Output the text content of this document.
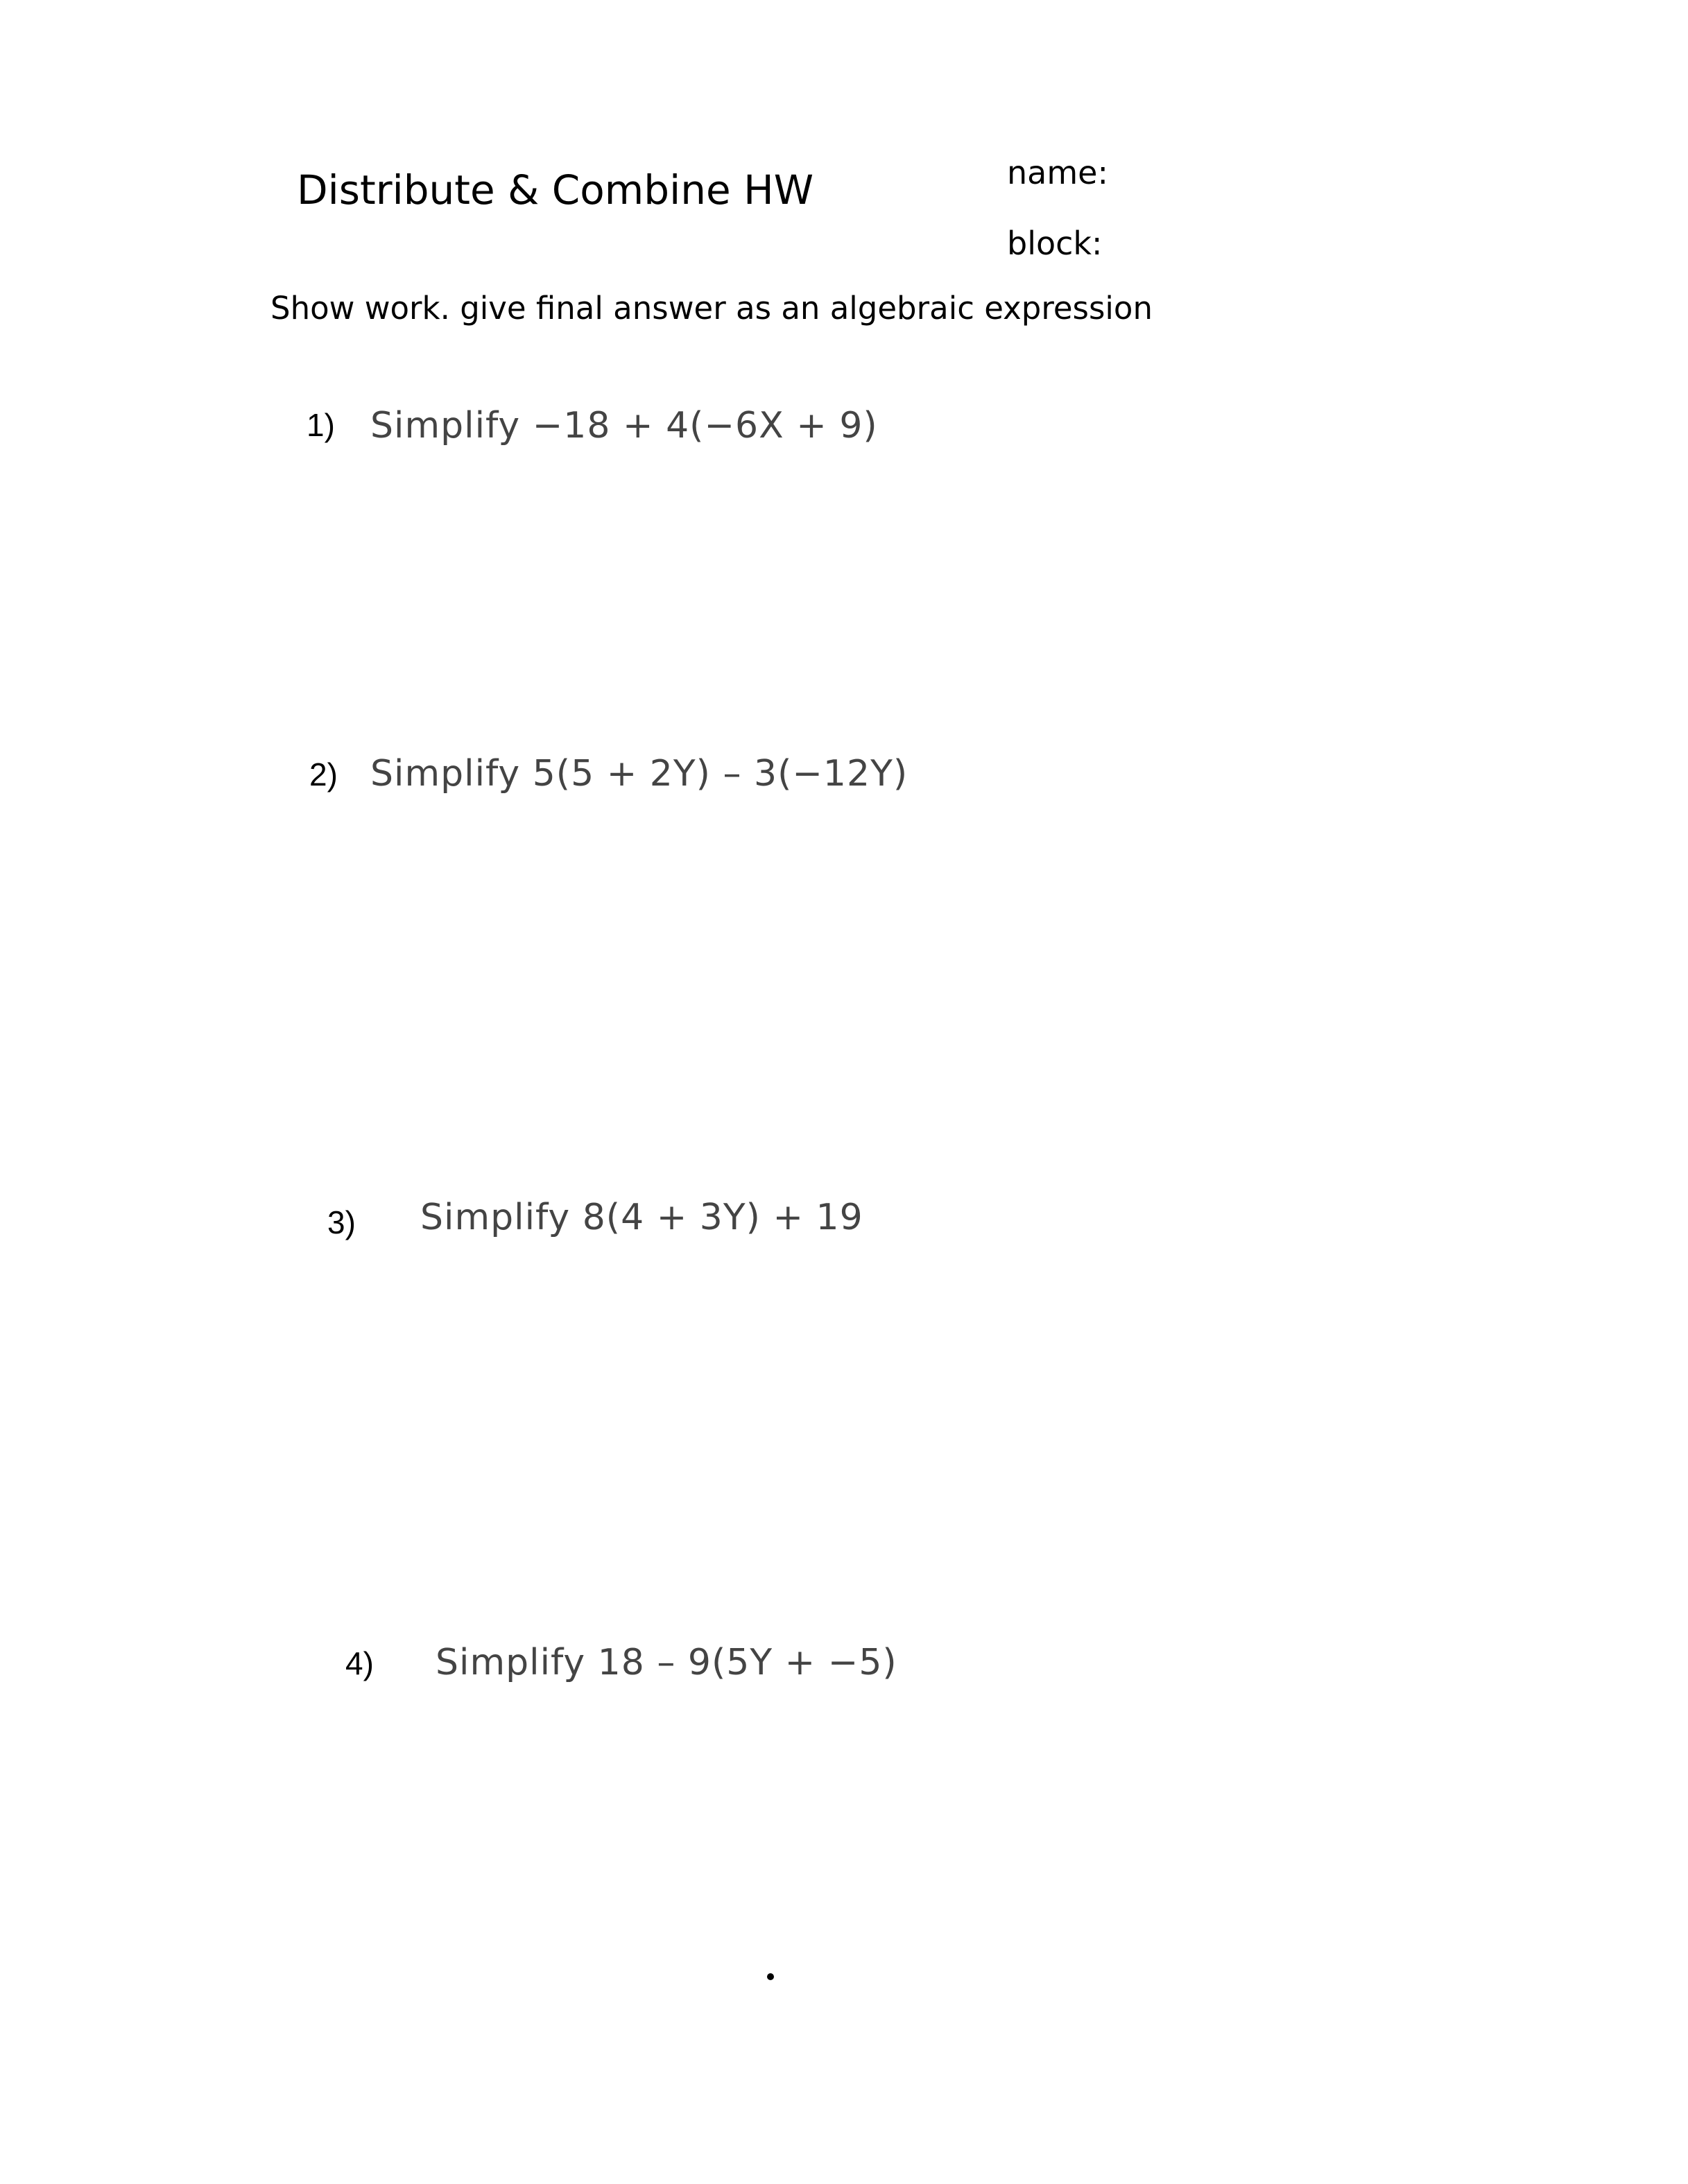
Distribute & Combine HW	name:
block:
Show work. give final answer as an algebraic expression
1) Simplify −18 + 4(−6X + 9)
2) Simplify 5(5 + 2Y) – 3(−12Y)
3) Simplify 8(4 + 3Y) + 19
4) Simplify 18 – 9(5Y + −5)
